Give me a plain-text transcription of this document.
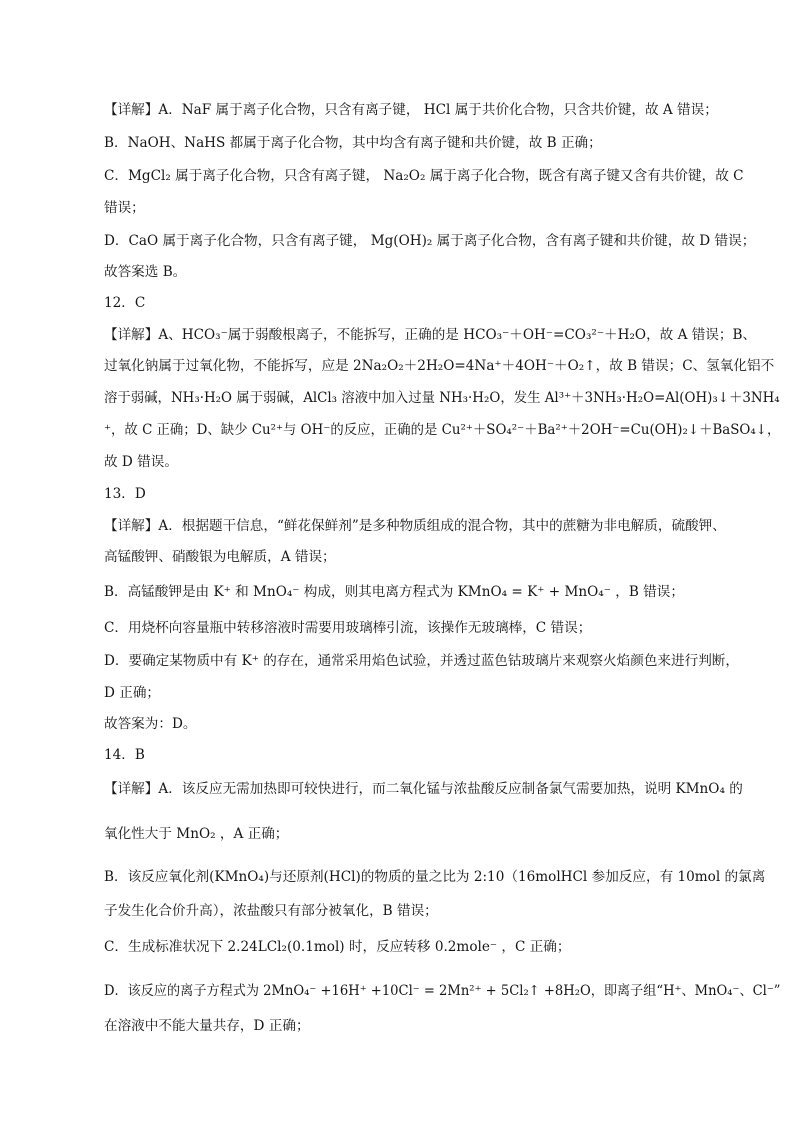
【详解】A．NaF 属于离子化合物，只含有离子键， HCl 属于共价化合物，只含共价键，故 A 错误；
B．NaOH、NaHS 都属于离子化合物，其中均含有离子键和共价键，故 B 正确；
C．MgCl₂ 属于离子化合物，只含有离子键， Na₂O₂ 属于离子化合物，既含有离子键又含有共价键，故 C
错误；
D．CaO 属于离子化合物，只含有离子键， Mg(OH)₂ 属于离子化合物，含有离子键和共价键，故 D 错误；
故答案选 B。
12．C
【详解】A、HCO₃⁻属于弱酸根离子，不能拆写，正确的是 HCO₃⁻＋OH⁻=CO₃²⁻＋H₂O，故 A 错误；B、
过氧化钠属于过氧化物，不能拆写，应是 2Na₂O₂＋2H₂O=4Na⁺＋4OH⁻＋O₂↑，故 B 错误；C、氢氧化铝不
溶于弱碱，NH₃·H₂O 属于弱碱，AlCl₃ 溶液中加入过量 NH₃·H₂O，发生 Al³⁺＋3NH₃·H₂O=Al(OH)₃↓＋3NH₄
⁺，故 C 正确；D、缺少 Cu²⁺与 OH⁻的反应，正确的是 Cu²⁺＋SO₄²⁻＋Ba²⁺＋2OH⁻=Cu(OH)₂↓＋BaSO₄↓，
故 D 错误。
13．D
【详解】A．根据题干信息，“鲜花保鲜剂”是多种物质组成的混合物，其中的蔗糖为非电解质，硫酸钾、
高锰酸钾、硝酸银为电解质，A 错误；
B．高锰酸钾是由 K⁺ 和 MnO₄⁻ 构成，则其电离方程式为 KMnO₄ = K⁺ + MnO₄⁻ ，B 错误；
C．用烧杯向容量瓶中转移溶液时需要用玻璃棒引流，该操作无玻璃棒，C 错误；
D．要确定某物质中有 K⁺ 的存在，通常采用焰色试验，并透过蓝色钴玻璃片来观察火焰颜色来进行判断，
D 正确；
故答案为：D。
14．B
【详解】A．该反应无需加热即可较快进行，而二氧化锰与浓盐酸反应制备氯气需要加热，说明 KMnO₄ 的
氧化性大于 MnO₂ ，A 正确；
B．该反应氧化剂(KMnO₄)与还原剂(HCl)的物质的量之比为 2:10（16molHCl 参加反应，有 10mol 的氯离
子发生化合价升高），浓盐酸只有部分被氧化，B 错误；
C．生成标准状况下 2.24LCl₂(0.1mol) 时，反应转移 0.2mole⁻ ，C 正确；
D．该反应的离子方程式为 2MnO₄⁻ +16H⁺ +10Cl⁻ = 2Mn²⁺ + 5Cl₂↑ +8H₂O，即离子组“H⁺、MnO₄⁻、Cl⁻”
在溶液中不能大量共存，D 正确；
